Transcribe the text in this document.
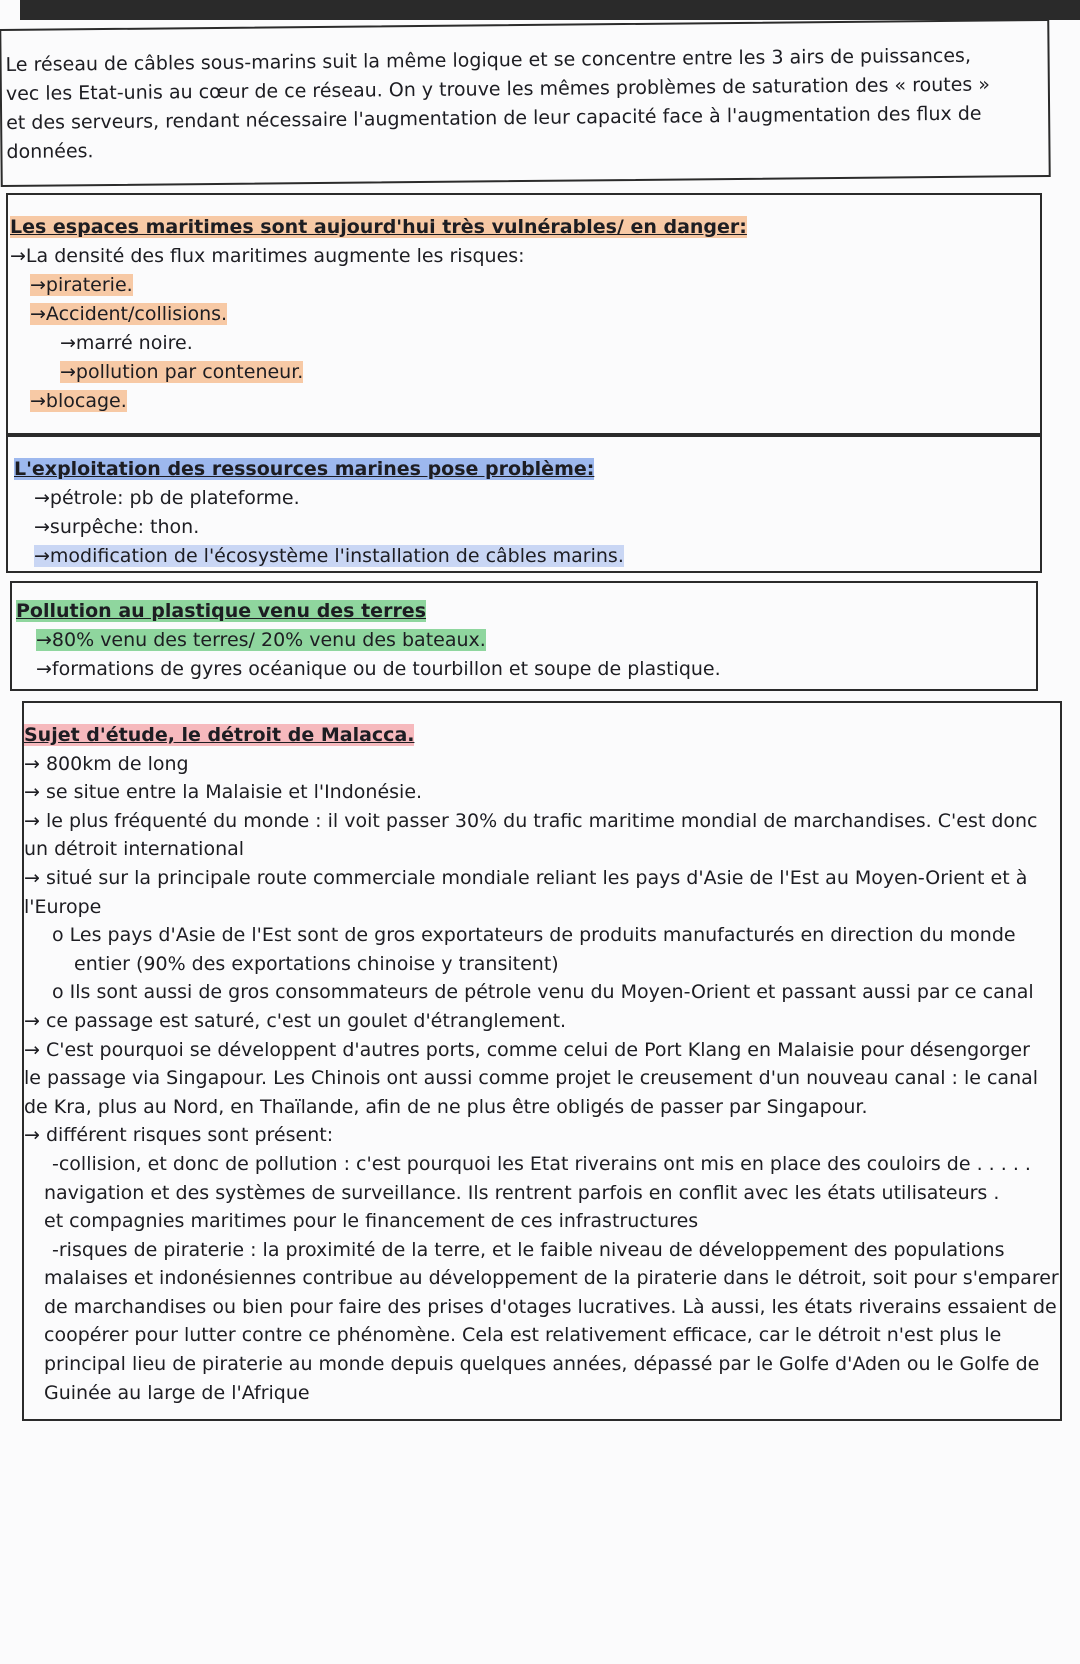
Le réseau de câbles sous-marins suit la même logique et se concentre entre les 3 airs de puissances,

vec les Etat-unis au cœur de ce réseau. On y trouve les mêmes problèmes de saturation des « routes »

et des serveurs, rendant nécessaire l'augmentation de leur capacité face à l'augmentation des flux de

données.

Les espaces maritimes sont aujourd'hui très vulnérables/ en danger:

→La densité des flux maritimes augmente les risques:

→piraterie.

→Accident/collisions.

→marré noire.

→pollution par conteneur.

→blocage.

L'exploitation des ressources marines pose problème:

→pétrole: pb de plateforme.

→surpêche: thon.

→modification de l'écosystème l'installation de câbles marins.

Pollution au plastique venu des terres

→80% venu des terres/ 20% venu des bateaux.

→formations de gyres océanique ou de tourbillon et soupe de plastique.

Sujet d'étude, le détroit de Malacca.

→ 800km de long

→ se situe entre la Malaisie et l'Indonésie.

→ le plus fréquenté du monde : il voit passer 30% du trafic maritime mondial de marchandises. C'est donc

un détroit international

→ situé sur la principale route commerciale mondiale reliant les pays d'Asie de l'Est au Moyen-Orient et à

l'Europe

o Les pays d'Asie de l'Est sont de gros exportateurs de produits manufacturés en direction du monde

entier (90% des exportations chinoise y transitent)

o Ils sont aussi de gros consommateurs de pétrole venu du Moyen-Orient et passant aussi par ce canal

→ ce passage est saturé, c'est un goulet d'étranglement.

→ C'est pourquoi se développent d'autres ports, comme celui de Port Klang en Malaisie pour désengorger

le passage via Singapour. Les Chinois ont aussi comme projet le creusement d'un nouveau canal : le canal

de Kra, plus au Nord, en Thaïlande, afin de ne plus être obligés de passer par Singapour.

→ différent risques sont présent:

-collision, et donc de pollution : c'est pourquoi les Etat riverains ont mis en place des couloirs de . . . . .

navigation et des systèmes de surveillance. Ils rentrent parfois en conflit avec les états utilisateurs .

et compagnies maritimes pour le financement de ces infrastructures

-risques de piraterie : la proximité de la terre, et le faible niveau de développement des populations

malaises et indonésiennes contribue au développement de la piraterie dans le détroit, soit pour s'emparer

de marchandises ou bien pour faire des prises d'otages lucratives. Là aussi, les états riverains essaient de

coopérer pour lutter contre ce phénomène. Cela est relativement efficace, car le détroit n'est plus le

principal lieu de piraterie au monde depuis quelques années, dépassé par le Golfe d'Aden ou le Golfe de

Guinée au large de l'Afrique
